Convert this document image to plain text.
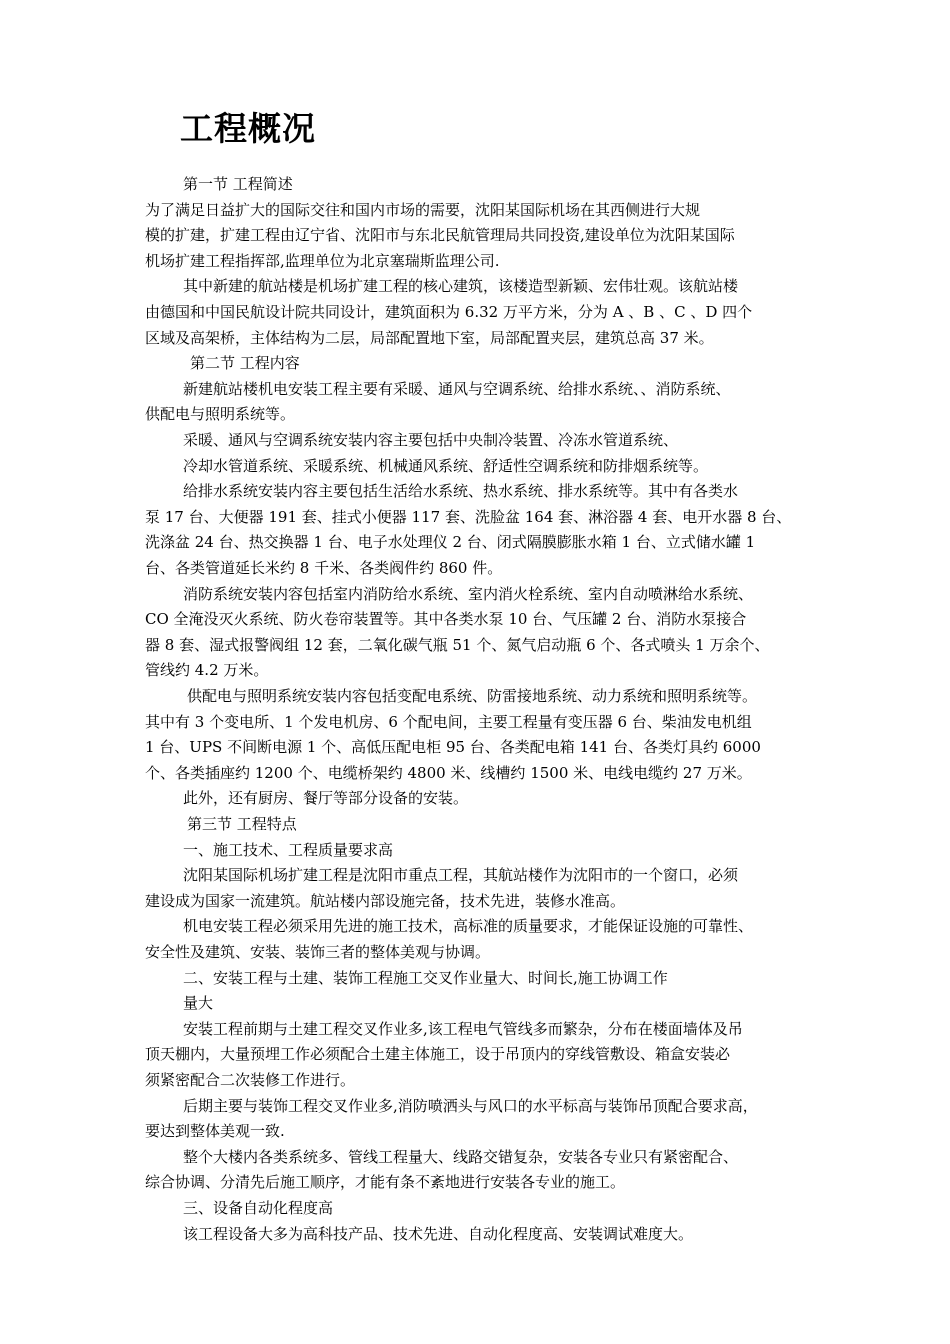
工程概况
第一节 工程简述
为了满足日益扩大的国际交往和国内市场的需要，沈阳某国际机场在其西侧进行大规
模的扩建，扩建工程由辽宁省、沈阳市与东北民航管理局共同投资,建设单位为沈阳某国际
机场扩建工程指挥部,监理单位为北京塞瑞斯监理公司.
其中新建的航站楼是机场扩建工程的核心建筑，该楼造型新颖、宏伟壮观。该航站楼
由德国和中国民航设计院共同设计，建筑面积为 6.32 万平方米，分为 A 、B 、C 、D 四个
区域及高架桥，主体结构为二层，局部配置地下室，局部配置夹层，建筑总高 37 米。
第二节 工程内容
新建航站楼机电安装工程主要有采暖、通风与空调系统、给排水系统、、消防系统、
供配电与照明系统等。
采暖、通风与空调系统安装内容主要包括中央制冷装置、冷冻水管道系统、
冷却水管道系统、采暖系统、机械通风系统、舒适性空调系统和防排烟系统等。
给排水系统安装内容主要包括生活给水系统、热水系统、排水系统等。其中有各类水
泵 17 台、大便器 191 套、挂式小便器 117 套、洗脸盆 164 套、淋浴器 4 套、电开水器 8 台、
洗涤盆 24 台、热交换器 1 台、电子水处理仪 2 台、闭式隔膜膨胀水箱 1 台、立式储水罐 1
台、各类管道延长米约 8 千米、各类阀件约 860 件。
消防系统安装内容包括室内消防给水系统、室内消火栓系统、室内自动喷淋给水系统、
CO 全淹没灭火系统、防火卷帘装置等。其中各类水泵 10 台、气压罐 2 台、消防水泵接合
器 8 套、湿式报警阀组 12 套，二氧化碳气瓶 51 个、氮气启动瓶 6 个、各式喷头 1 万余个、
管线约 4.2 万米。
供配电与照明系统安装内容包括变配电系统、防雷接地系统、动力系统和照明系统等。
其中有 3 个变电所、1 个发电机房、6 个配电间，主要工程量有变压器 6 台、柴油发电机组
1 台、UPS 不间断电源 1 个、高低压配电柜 95 台、各类配电箱 141 台、各类灯具约 6000
个、各类插座约 1200 个、电缆桥架约 4800 米、线槽约 1500 米、电线电缆约 27 万米。
此外，还有厨房、餐厅等部分设备的安装。
第三节 工程特点
一、施工技术、工程质量要求高
沈阳某国际机场扩建工程是沈阳市重点工程，其航站楼作为沈阳市的一个窗口，必须
建设成为国家一流建筑。航站楼内部设施完备，技术先进，装修水准高。
机电安装工程必须采用先进的施工技术，高标准的质量要求，才能保证设施的可靠性、
安全性及建筑、安装、装饰三者的整体美观与协调。
二、安装工程与土建、装饰工程施工交叉作业量大、时间长,施工协调工作
量大
安装工程前期与土建工程交叉作业多,该工程电气管线多而繁杂，分布在楼面墙体及吊
顶天棚内，大量预埋工作必须配合土建主体施工，设于吊顶内的穿线管敷设、箱盒安装必
须紧密配合二次装修工作进行。
后期主要与装饰工程交叉作业多,消防喷洒头与风口的水平标高与装饰吊顶配合要求高，
要达到整体美观一致.
整个大楼内各类系统多、管线工程量大、线路交错复杂，安装各专业只有紧密配合、
综合协调、分清先后施工顺序，才能有条不紊地进行安装各专业的施工。
三、设备自动化程度高
该工程设备大多为高科技产品、技术先进、自动化程度高、安装调试难度大。
